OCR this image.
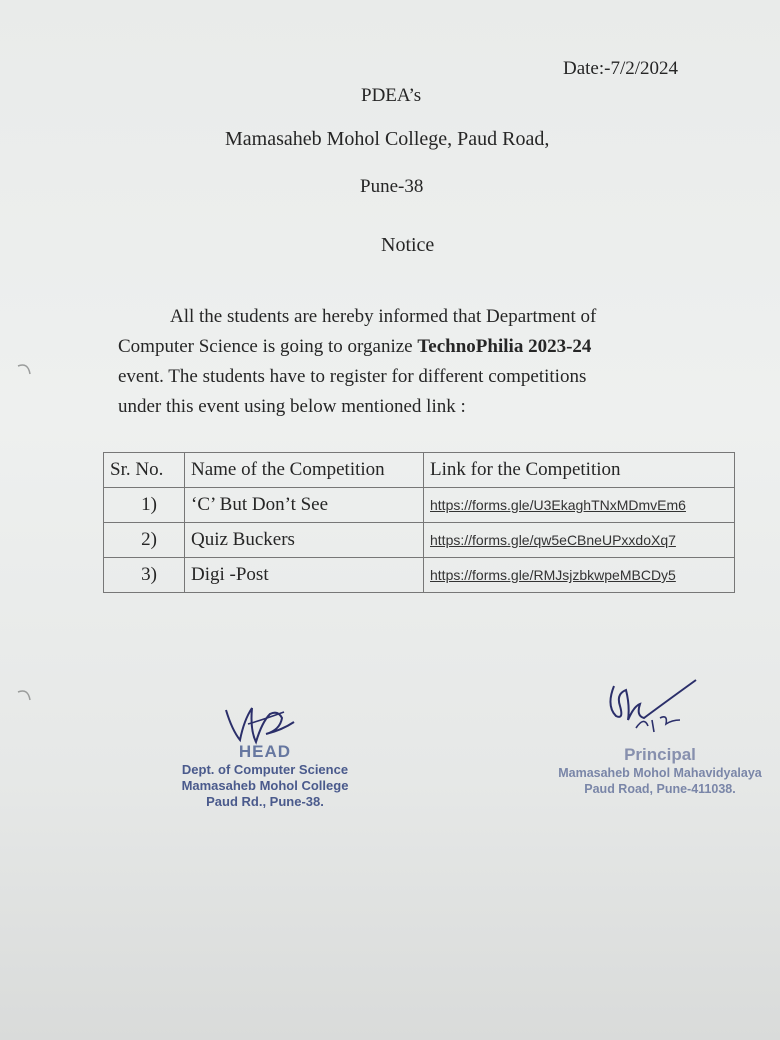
Date:-7/2/2024
PDEA’s
Mamasaheb Mohol College, Paud Road,
Pune-38
Notice
All the students are hereby informed that Department of
Computer Science is going to organize TechnoPhilia 2023-24
event. The students have to register for different competitions
under this event using below mentioned link :
Sr. No.	Name of the Competition	Link for the Competition

1)	‘C’ But Don’t See	https://forms.gle/U3EkaghTNxMDmvEm6

2)	Quiz Buckers	https://forms.gle/qw5eCBneUPxxdoXq7

3)	Digi -Post	https://forms.gle/RMJsjzbkwpeMBCDy5
HEAD
Dept. of Computer Science
Mamasaheb Mohol College
Paud Rd., Pune-38.
Principal
Mamasaheb Mohol Mahavidyalaya
Paud Road, Pune-411038.
